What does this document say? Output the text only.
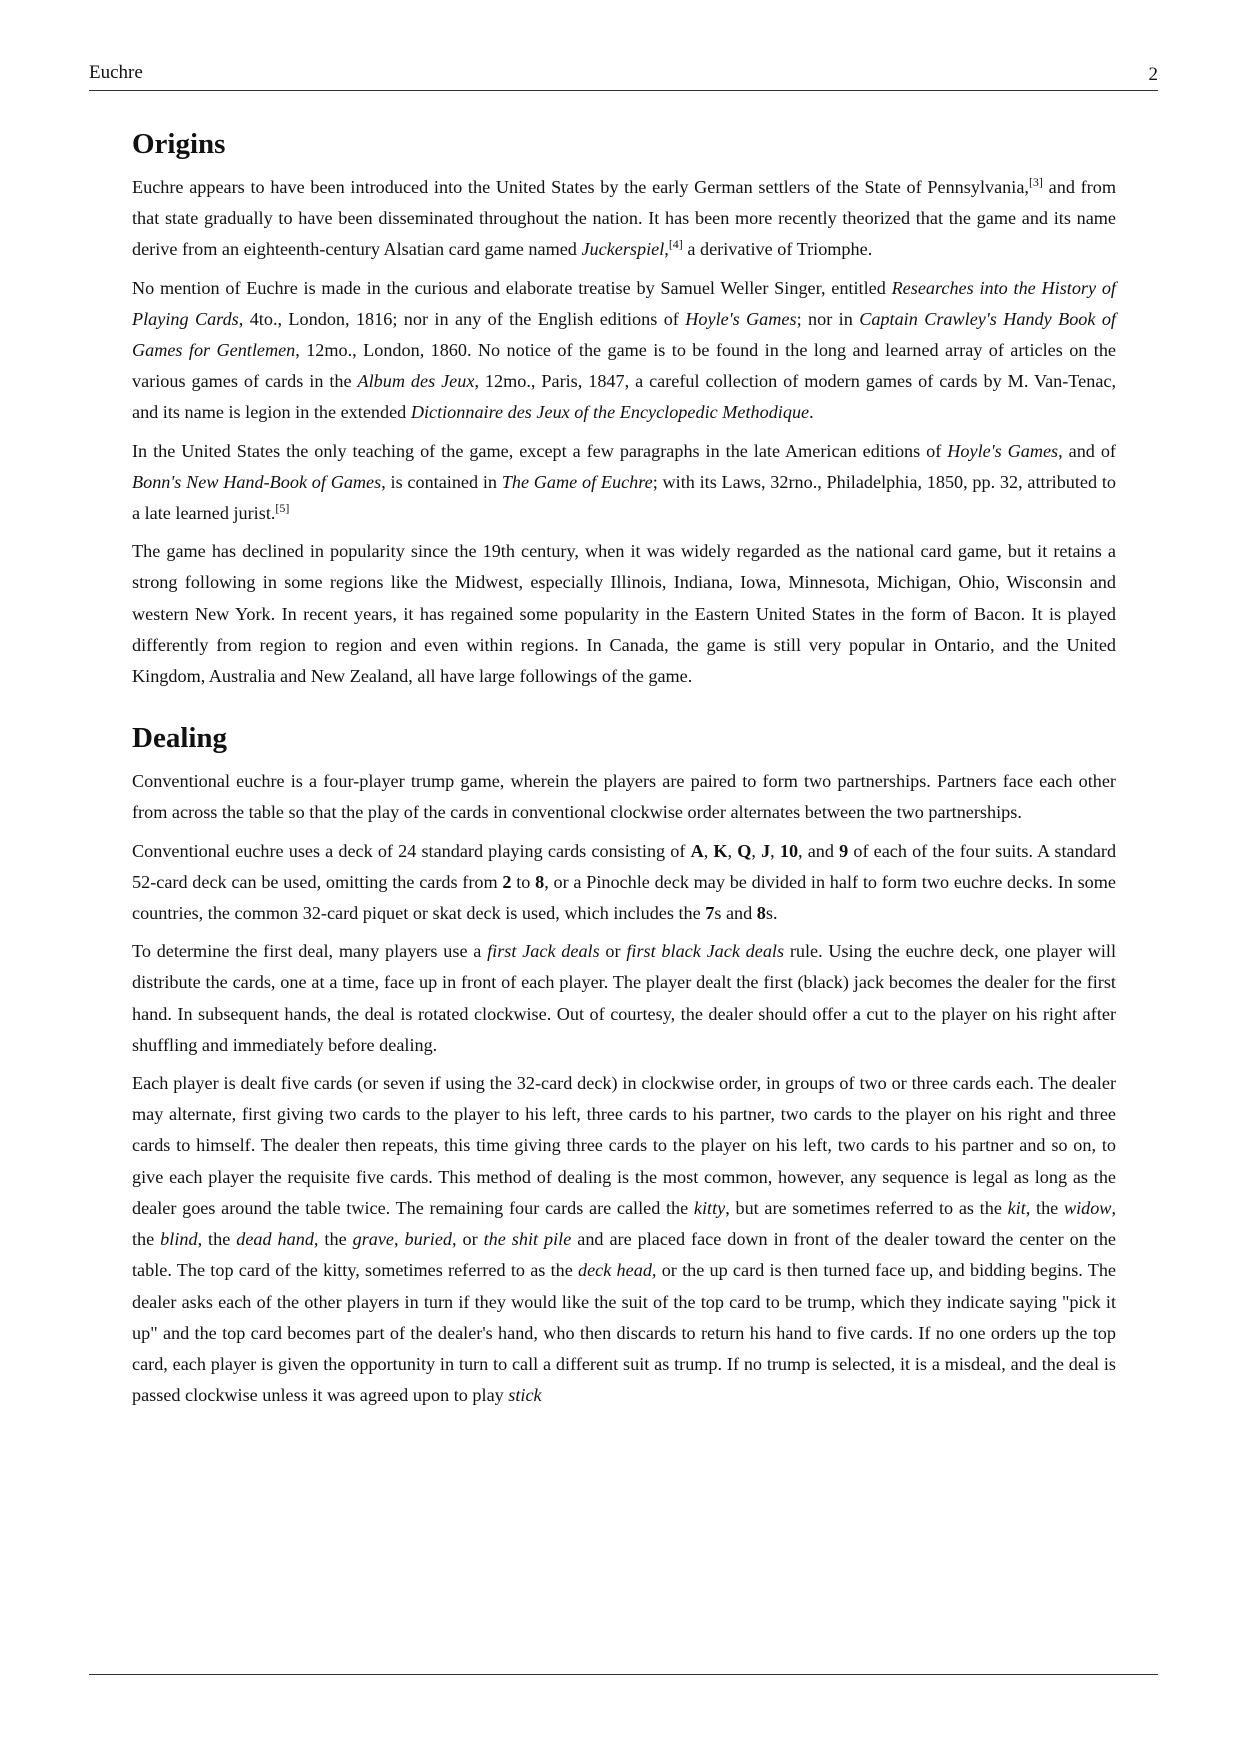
Euchre	2
Origins

Euchre appears to have been introduced into the United States by the early German settlers of the State of Pennsylvania,[3] and from that state gradually to have been disseminated throughout the nation. It has been more recently theorized that the game and its name derive from an eighteenth-century Alsatian card game named Juckerspiel,[4] a derivative of Triomphe.

No mention of Euchre is made in the curious and elaborate treatise by Samuel Weller Singer, entitled Researches into the History of Playing Cards, 4to., London, 1816; nor in any of the English editions of Hoyle's Games; nor in Captain Crawley's Handy Book of Games for Gentlemen, 12mo., London, 1860. No notice of the game is to be found in the long and learned array of articles on the various games of cards in the Album des Jeux, 12mo., Paris, 1847, a careful collection of modern games of cards by M. Van-Tenac, and its name is legion in the extended Dictionnaire des Jeux of the Encyclopedic Methodique.

In the United States the only teaching of the game, except a few paragraphs in the late American editions of Hoyle's Games, and of Bonn's New Hand-Book of Games, is contained in The Game of Euchre; with its Laws, 32rno., Philadelphia, 1850, pp. 32, attributed to a late learned jurist.[5]

The game has declined in popularity since the 19th century, when it was widely regarded as the national card game, but it retains a strong following in some regions like the Midwest, especially Illinois, Indiana, Iowa, Minnesota, Michigan, Ohio, Wisconsin and western New York. In recent years, it has regained some popularity in the Eastern United States in the form of Bacon. It is played differently from region to region and even within regions. In Canada, the game is still very popular in Ontario, and the United Kingdom, Australia and New Zealand, all have large followings of the game.

Dealing

Conventional euchre is a four-player trump game, wherein the players are paired to form two partnerships. Partners face each other from across the table so that the play of the cards in conventional clockwise order alternates between the two partnerships.

Conventional euchre uses a deck of 24 standard playing cards consisting of A, K, Q, J, 10, and 9 of each of the four suits. A standard 52-card deck can be used, omitting the cards from 2 to 8, or a Pinochle deck may be divided in half to form two euchre decks. In some countries, the common 32-card piquet or skat deck is used, which includes the 7s and 8s.

To determine the first deal, many players use a first Jack deals or first black Jack deals rule. Using the euchre deck, one player will distribute the cards, one at a time, face up in front of each player. The player dealt the first (black) jack becomes the dealer for the first hand. In subsequent hands, the deal is rotated clockwise. Out of courtesy, the dealer should offer a cut to the player on his right after shuffling and immediately before dealing.

Each player is dealt five cards (or seven if using the 32-card deck) in clockwise order, in groups of two or three cards each. The dealer may alternate, first giving two cards to the player to his left, three cards to his partner, two cards to the player on his right and three cards to himself. The dealer then repeats, this time giving three cards to the player on his left, two cards to his partner and so on, to give each player the requisite five cards. This method of dealing is the most common, however, any sequence is legal as long as the dealer goes around the table twice. The remaining four cards are called the kitty, but are sometimes referred to as the kit, the widow, the blind, the dead hand, the grave, buried, or the shit pile and are placed face down in front of the dealer toward the center on the table. The top card of the kitty, sometimes referred to as the deck head, or the up card is then turned face up, and bidding begins. The dealer asks each of the other players in turn if they would like the suit of the top card to be trump, which they indicate saying "pick it up" and the top card becomes part of the dealer's hand, who then discards to return his hand to five cards. If no one orders up the top card, each player is given the opportunity in turn to call a different suit as trump. If no trump is selected, it is a misdeal, and the deal is passed clockwise unless it was agreed upon to play stick
